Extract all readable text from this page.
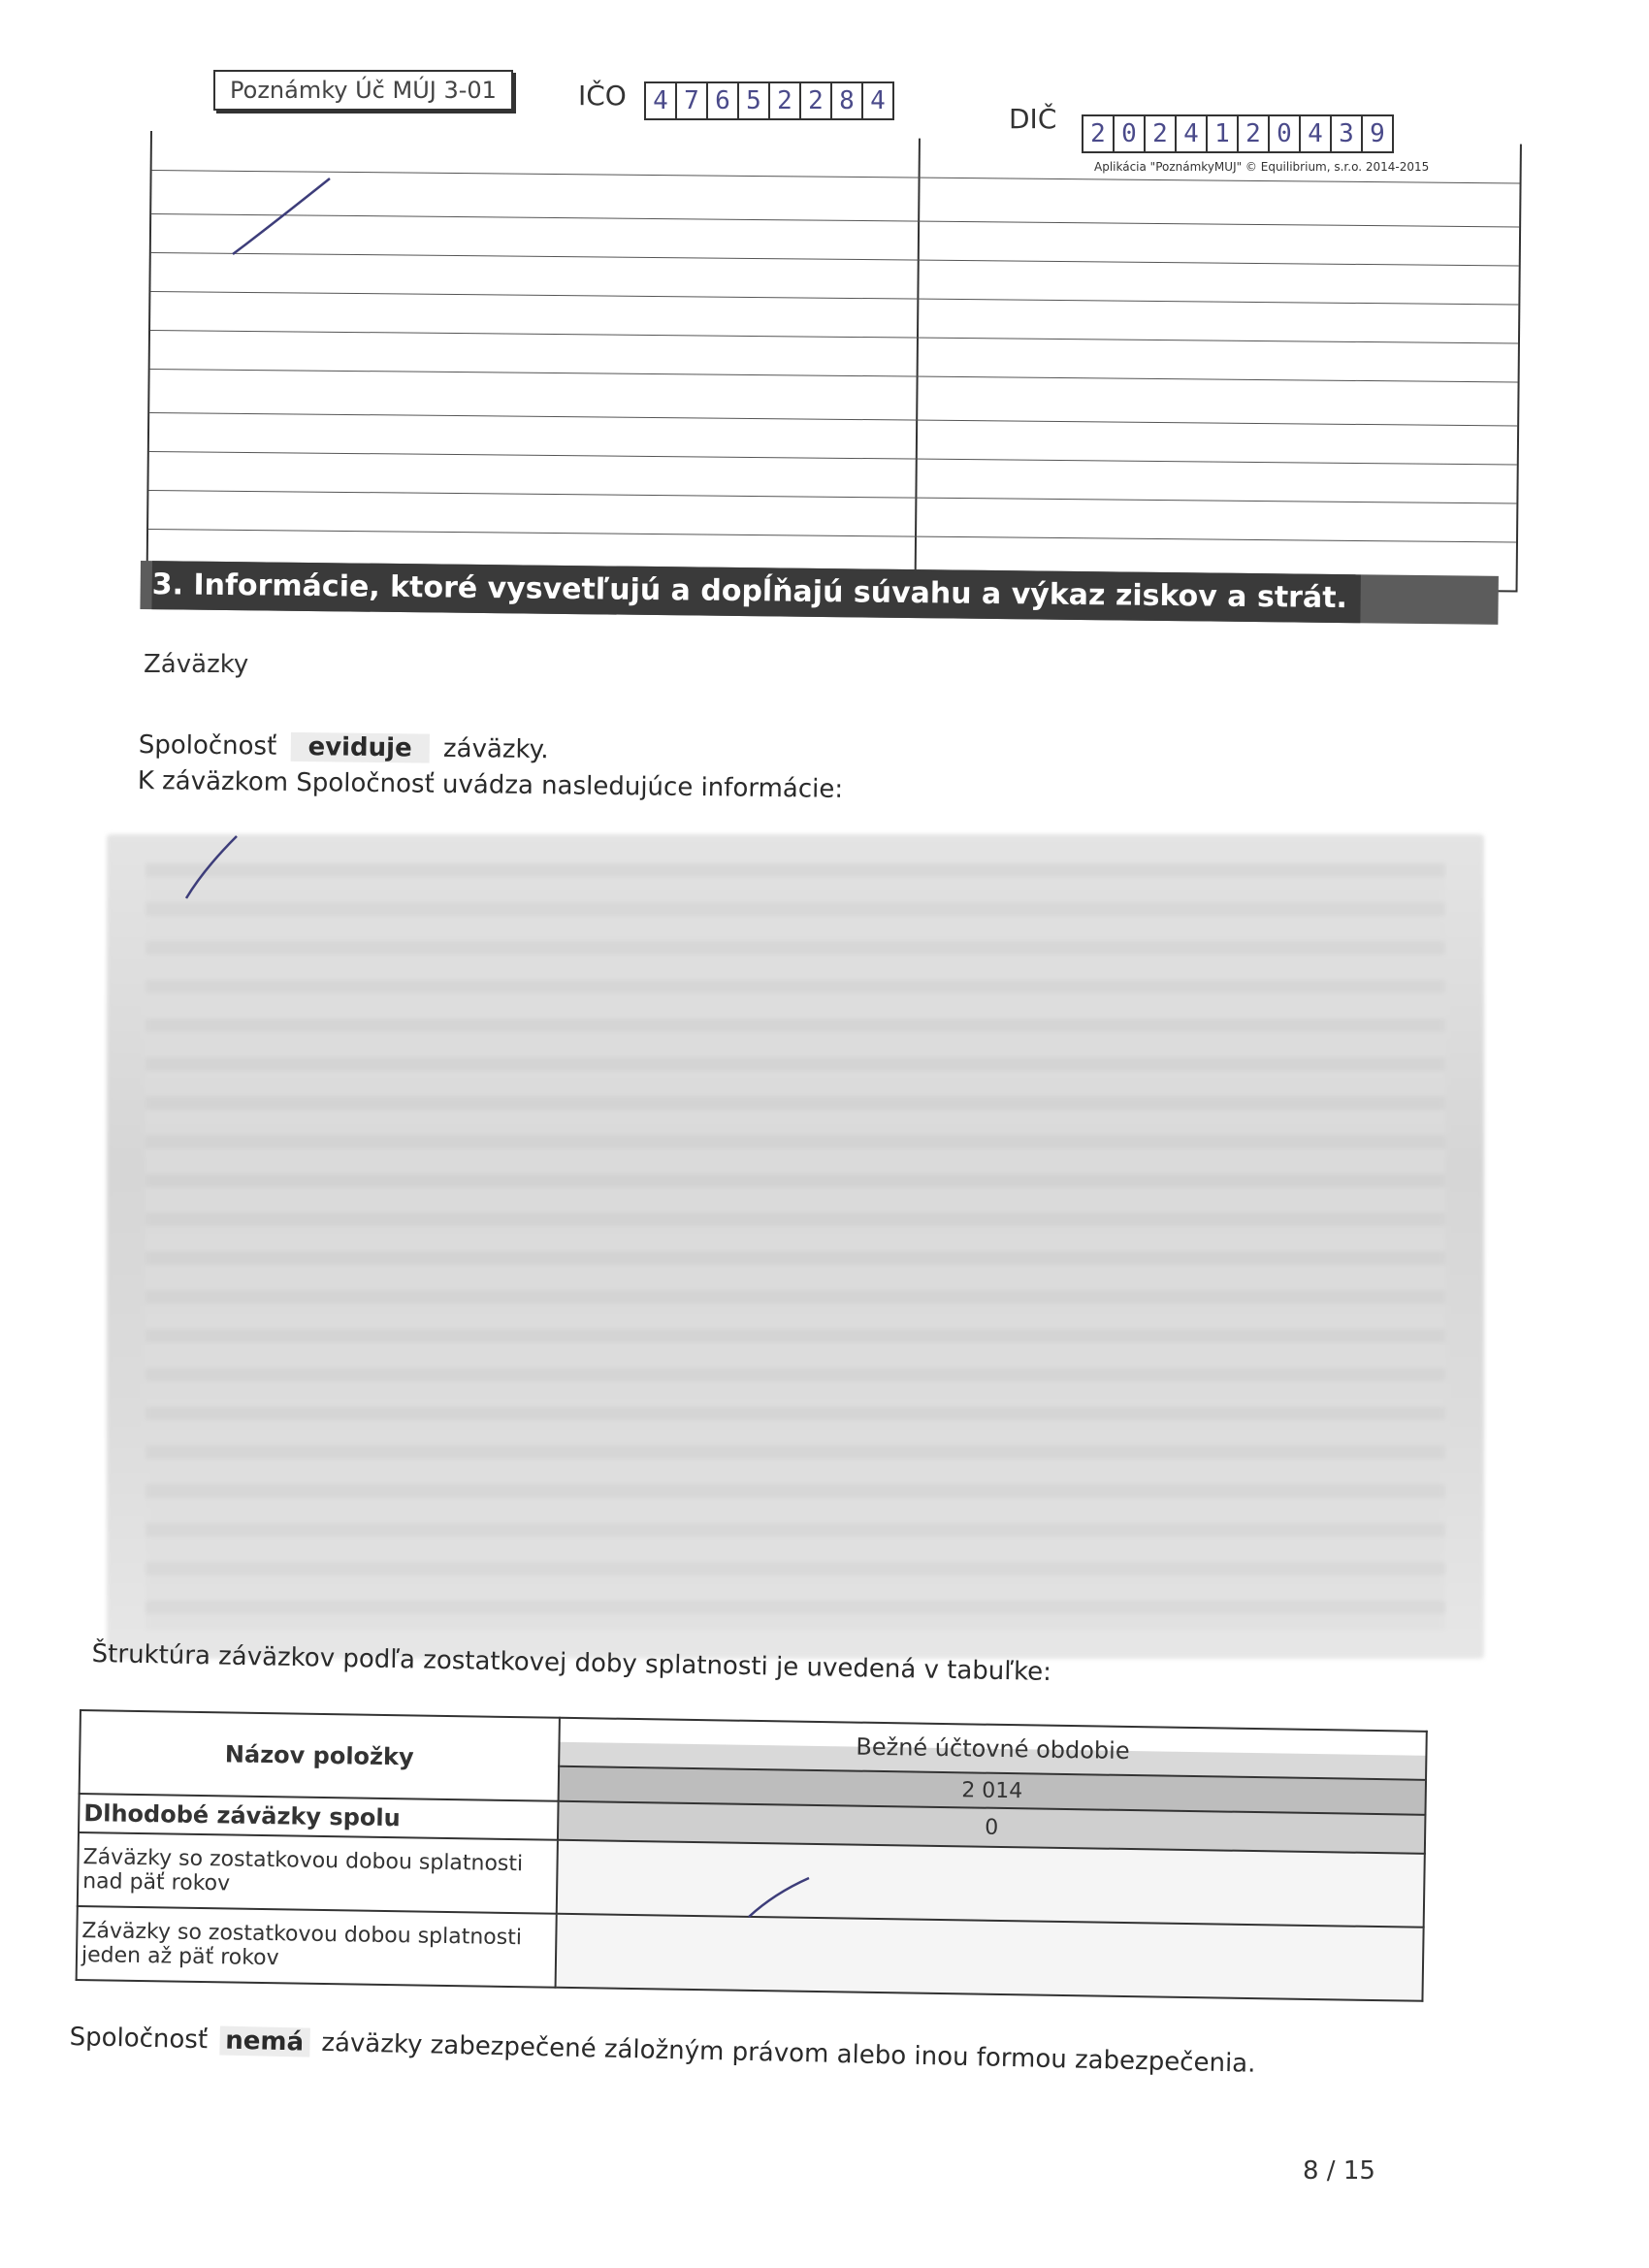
Poznámky Úč MÚJ 3-01	IČO 4 7 6 5 2 2 8 4
DIČ 2 0 2 4 1 2 0 4 3 9
Aplikácia "PoznámkyMUJ" © Equilibrium, s.r.o. 2014-2015
3. Informácie, ktoré vysvetľujú a dopĺňajú súvahu a výkaz ziskov a strát.
Záväzky
Spoločnosť eviduje záväzky.
K záväzkom Spoločnosť uvádza nasledujúce informácie:
Štruktúra záväzkov podľa zostatkovej doby splatnosti je uvedená v tabuľke:
Názov položky	Bežné účtovné obdobie
	2 014
Dlhodobé záväzky spolu	0
Záväzky so zostatkovou dobou splatnosti nad päť rokov	
Záväzky so zostatkovou dobou splatnosti jeden až päť rokov	
Spoločnosť nemá záväzky zabezpečené záložným právom alebo inou formou zabezpečenia.
8 / 15
